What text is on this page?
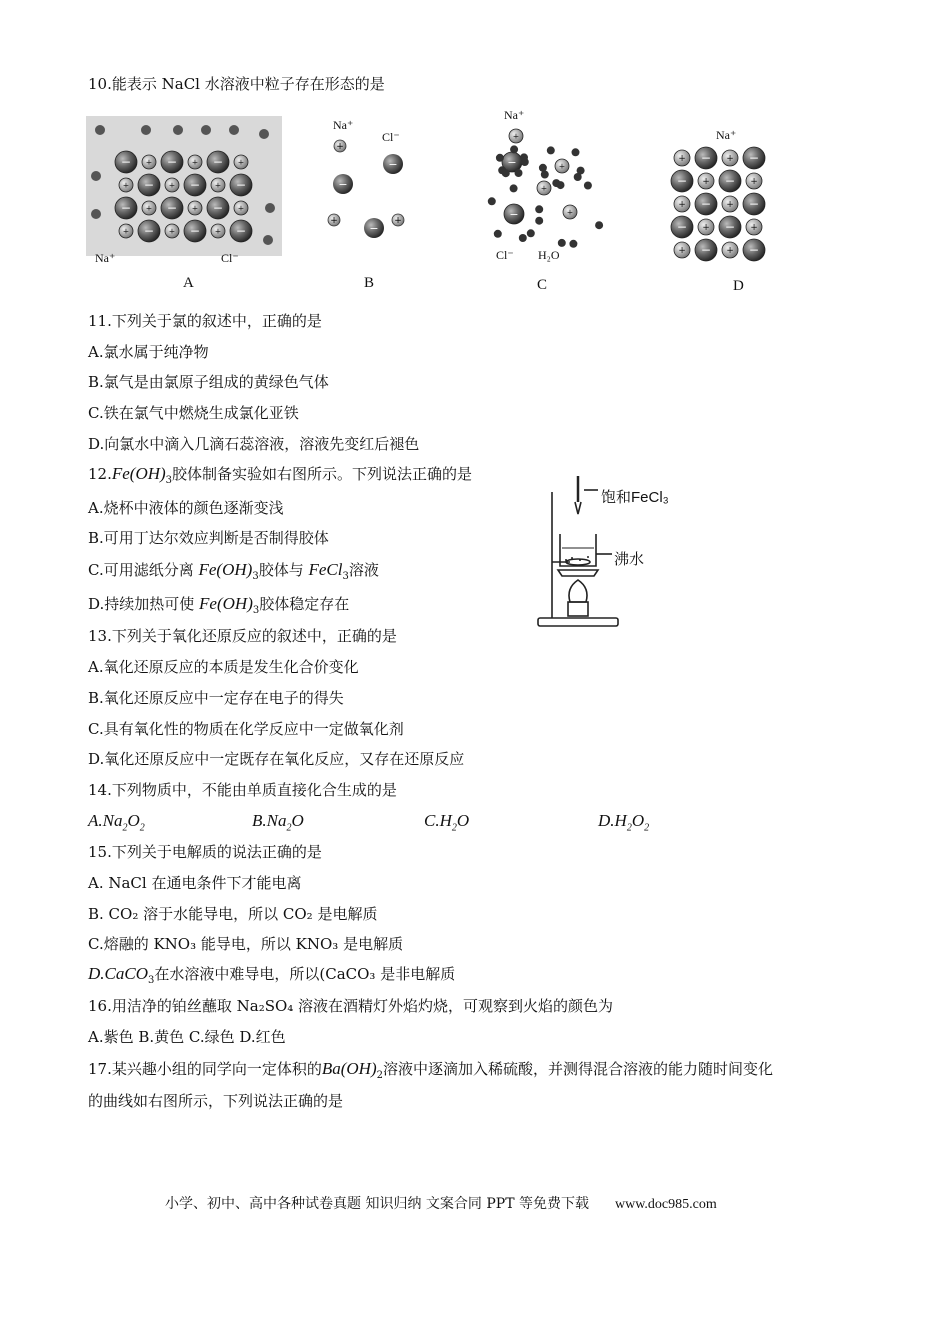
10.能表示 NaCl 水溶液中粒子存在形态的是
− + − + − +
+ − + − + −
− + − + − +
+ − + − + −
Na⁺	Cl⁻
A
+
−
−
+
−
+
Na⁺
Cl⁻
B
−	+
−	+
+
+
Na⁺
Cl⁻ H₂O
C
+ − + −
− + − +
+ − + −
− + − +
+ − + −
Na⁺
D
11.下列关于氯的叙述中，正确的是
A.氯水属于纯净物
B.氯气是由氯原子组成的黄绿色气体
C.铁在氯气中燃烧生成氯化亚铁
D.向氯水中滴入几滴石蕊溶液，溶液先变红后褪色
$12.Fe(OH)_3$胶体制备实验如右图所示。下列说法正确的是
A.烧杯中液体的颜色逐渐变浅
B.可用丁达尔效应判断是否制得胶体
C.可用滤纸分离 $Fe(OH)_3$胶体与 FeCl$_3$溶液
D.持续加热可使 $Fe(OH)_3$胶体稳定存在
饱和FeCl₃
沸水
13.下列关于氧化还原反应的叙述中，正确的是
A.氧化还原反应的本质是发生化合价变化
B.氧化还原反应中一定存在电子的得失
C.具有氧化性的物质在化学反应中一定做氧化剂
D.氧化还原反应中一定既存在氧化反应，又存在还原反应
14.下列物质中，不能由单质直接化合生成的是
$A.Na_2O_2$	$B.Na_2O$	$C.H_2O$	$D.H_2O_2$
15.下列关于电解质的说法正确的是
A. NaCl 在通电条件下才能电离
B. CO₂ 溶于水能导电，所以 CO₂ 是电解质
C.熔融的 KNO₃ 能导电，所以 KNO₃ 是电解质
D.CaCO$_3$在水溶液中难导电，所以(CaCO₃ 是非电解质
16.用洁净的铂丝蘸取 Na₂SO₄ 溶液在酒精灯外焰灼烧，可观察到火焰的颜色为
A.紫色 B.黄色 C.绿色 D.红色
17.某兴趣小组的同学向一定体积的$Ba(OH)_2$溶液中逐滴加入稀硫酸，并测得混合溶液的能力随时间变化
的曲线如右图所示，下列说法正确的是
小学、初中、高中各种试卷真题 知识归纳 文案合同 PPT 等免费下载 www.doc985.com
